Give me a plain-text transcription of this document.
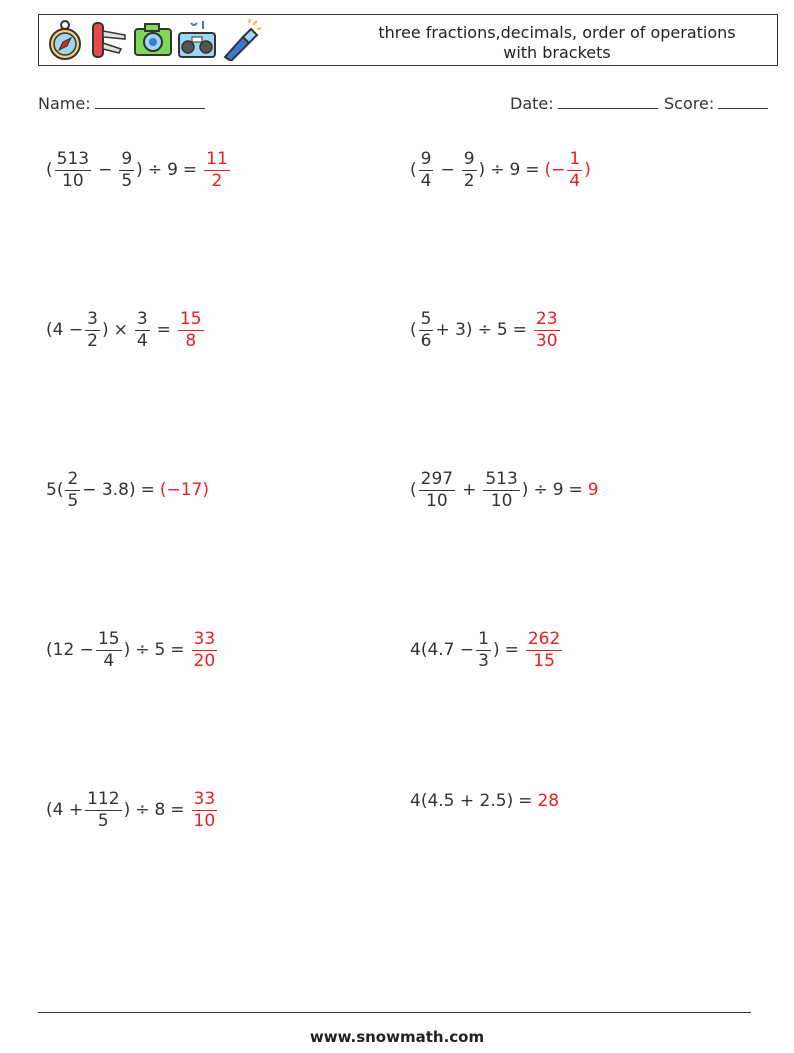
three fractions,decimals, order of operations
with brackets
Name:	Date:	Score:
( $\frac{513}{10} - \frac{9}{5}$ ) ÷ $9 = \frac{11}{2}$	( $\frac{9}{4} - \frac{9}{2}$ ) ÷ 9 = (− $\frac{1}{4}$ )
($4 - \frac{3}{2}$ ) × $\frac{3}{4} = \frac{15}{8}$	( $\frac{5}{6} + 3) \div 5 = \frac{23}{30}$
$5( \frac{2}{5} - 3.8) = (-17)$	( $\frac{297}{10} + \frac{513}{10}$ ) ÷ 9 = 9
($12 - \frac{15}{4}$ ) ÷ $5 = \frac{33}{20}$	$4(4.7 - \frac{1}{3}$ ) = $\frac{262}{15}$
($4 + \frac{112}{5}$ ) ÷ $8 = \frac{33}{10}$	4(4.5 + 2.5) = 28
www.snowmath.com
